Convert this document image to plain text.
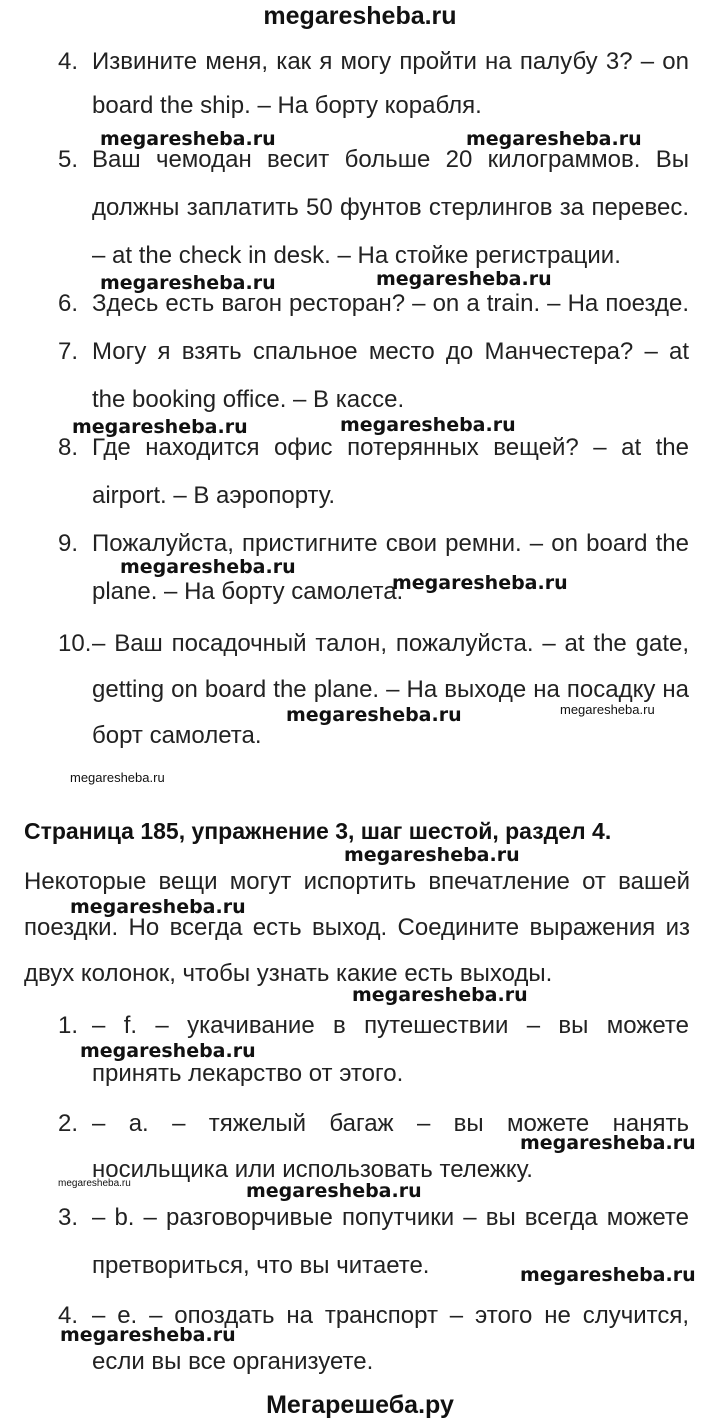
megaresheba.ru
4. Извините меня, как я могу пройти на палубу 3? – on
board the ship. – На борту корабля.
5. Ваш чемодан весит больше 20 килограммов. Вы
должны заплатить 50 фунтов стерлингов за перевес.
– at the check in desk. – На стойке регистрации.
6. Здесь есть вагон ресторан? – on a train. – На поезде.
7. Могу я взять спальное место до Манчестера? – at
the booking office. – В кассе.
8. Где находится офис потерянных вещей? – at the
airport. – В аэропорту.
9. Пожалуйста, пристигните свои ремни. – on board the
plane. – На борту самолета.
10. – Ваш посадочный талон, пожалуйста. – at the gate,
getting on board the plane. – На выходе на посадку на
борт самолета.
Страница 185, упражнение 3, шаг шестой, раздел 4.
Некоторые вещи могут испортить впечатление от вашей
поездки. Но всегда есть выход. Соедините выражения из
двух колонок, чтобы узнать какие есть выходы.
1. – f. – укачивание в путешествии – вы можете
принять лекарство от этого.
2. – a. – тяжелый багаж – вы можете нанять
носильщика или использовать тележку.
3. – b. – разговорчивые попутчики – вы всегда можете
претвориться, что вы читаете.
4. – e. – опоздать на транспорт – этого не случится,
если вы все организуете.
megaresheba.ru	megaresheba.ru
megaresheba.ru	megaresheba.ru
megaresheba.ru	megaresheba.ru
megaresheba.ru
megaresheba.ru
megaresheba.ru	megaresheba.ru
megaresheba.ru
megaresheba.ru
megaresheba.ru
megaresheba.ru
megaresheba.ru
megaresheba.ru
megaresheba.ru	megaresheba.ru
megaresheba.ru
megaresheba.ru
Мегарешеба.ру
